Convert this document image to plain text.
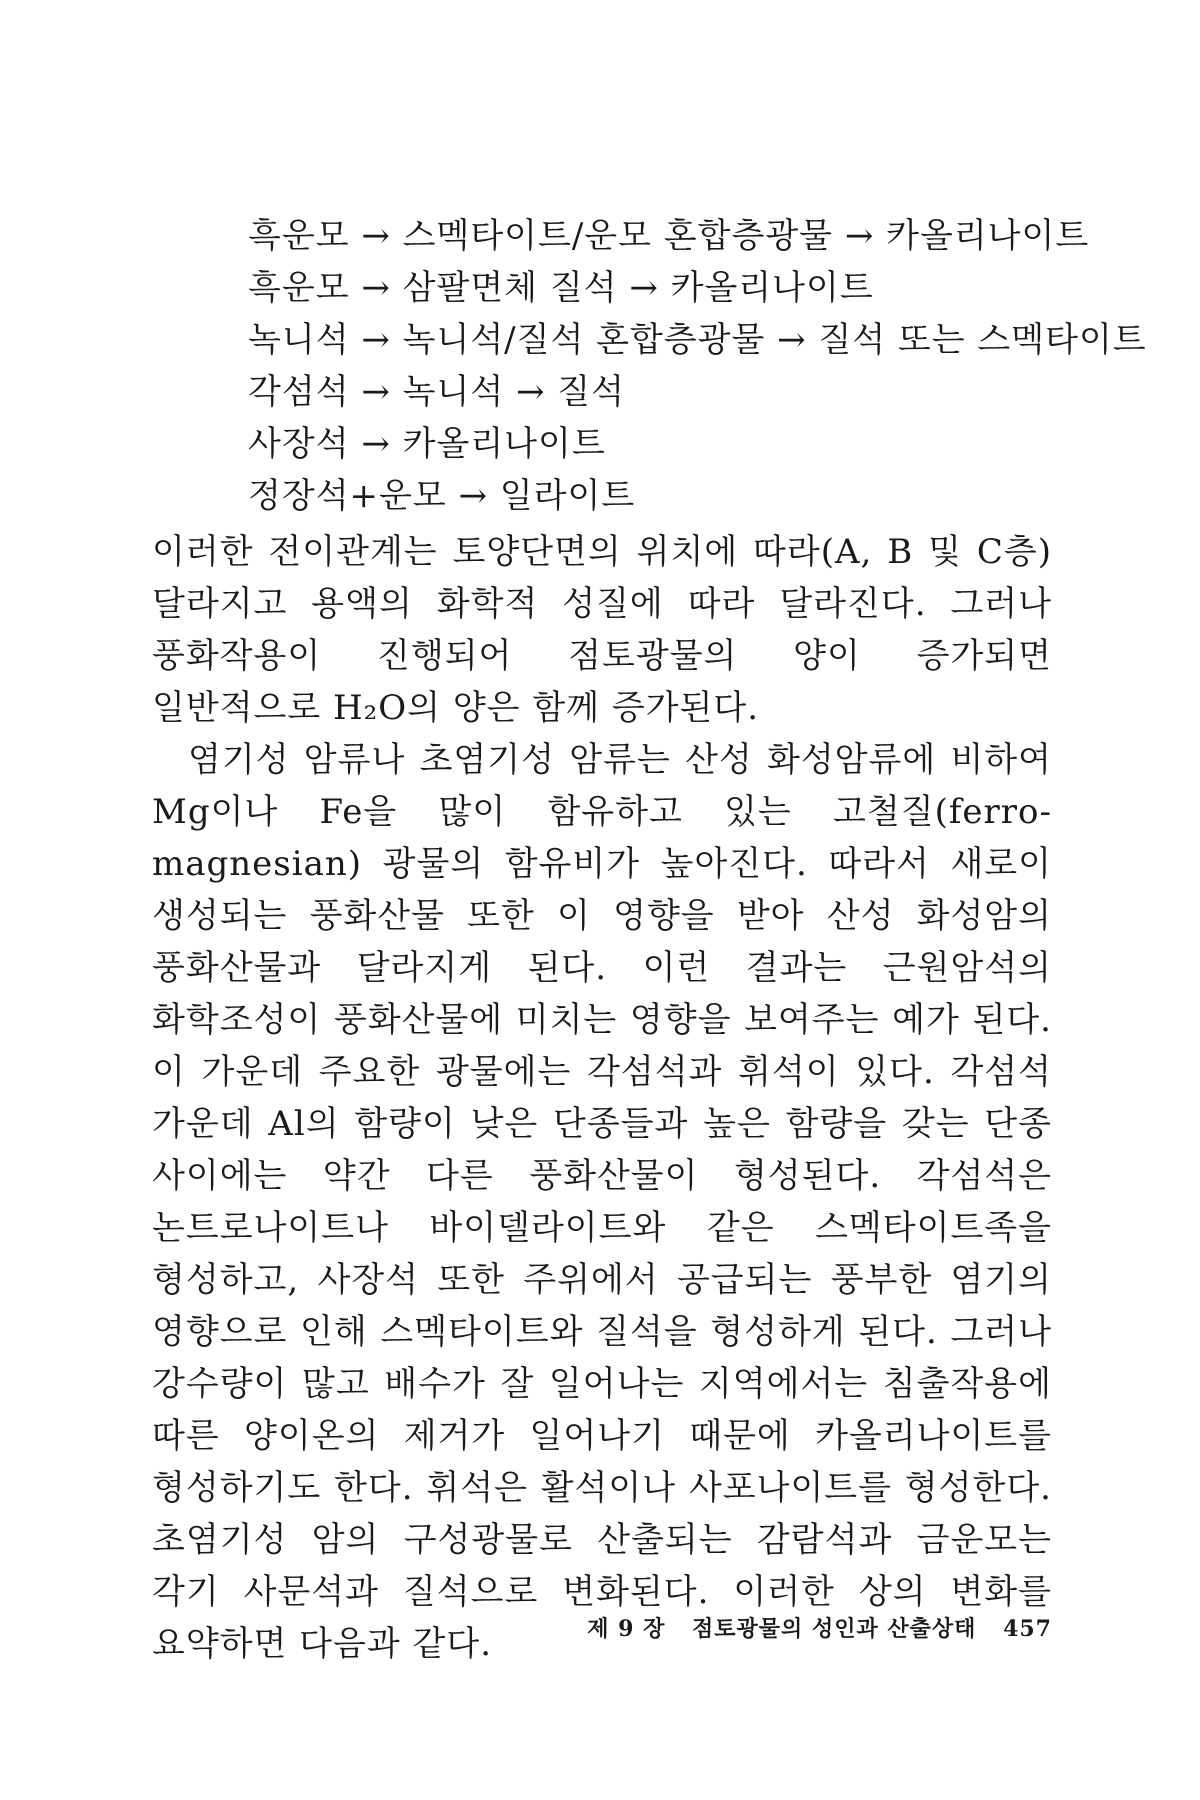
흑운모 → 스멕타이트/운모 혼합층광물 → 카올리나이트
흑운모 → 삼팔면체 질석 → 카올리나이트
녹니석 → 녹니석/질석 혼합층광물 → 질석 또는 스멕타이트
각섬석 → 녹니석 → 질석
사장석 → 카올리나이트
정장석+운모 → 일라이트

이러한 전이관계는 토양단면의 위치에 따라(A, B 및 C층) 달라지고 용액의 화학적 성질에 따라 달라진다. 그러나 풍화작용이 진행되어 점토광물의 양이 증가되면 일반적으로 H₂O의 양은 함께 증가된다.

염기성 암류나 초염기성 암류는 산성 화성암류에 비하여 Mg이나 Fe을 많이 함유하고 있는 고철질(ferro-magnesian) 광물의 함유비가 높아진다. 따라서 새로이 생성되는 풍화산물 또한 이 영향을 받아 산성 화성암의 풍화산물과 달라지게 된다. 이런 결과는 근원암석의 화학조성이 풍화산물에 미치는 영향을 보여주는 예가 된다. 이 가운데 주요한 광물에는 각섬석과 휘석이 있다. 각섬석 가운데 Al의 함량이 낮은 단종들과 높은 함량을 갖는 단종 사이에는 약간 다른 풍화산물이 형성된다. 각섬석은 논트로나이트나 바이델라이트와 같은 스멕타이트족을 형성하고, 사장석 또한 주위에서 공급되는 풍부한 염기의 영향으로 인해 스멕타이트와 질석을 형성하게 된다. 그러나 강수량이 많고 배수가 잘 일어나는 지역에서는 침출작용에 따른 양이온의 제거가 일어나기 때문에 카올리나이트를 형성하기도 한다. 휘석은 활석이나 사포나이트를 형성한다. 초염기성 암의 구성광물로 산출되는 감람석과 금운모는 각기 사문석과 질석으로 변화된다. 이러한 상의 변화를 요약하면 다음과 같다.	제 9 장 점토광물의 성인과 산출상태 457
